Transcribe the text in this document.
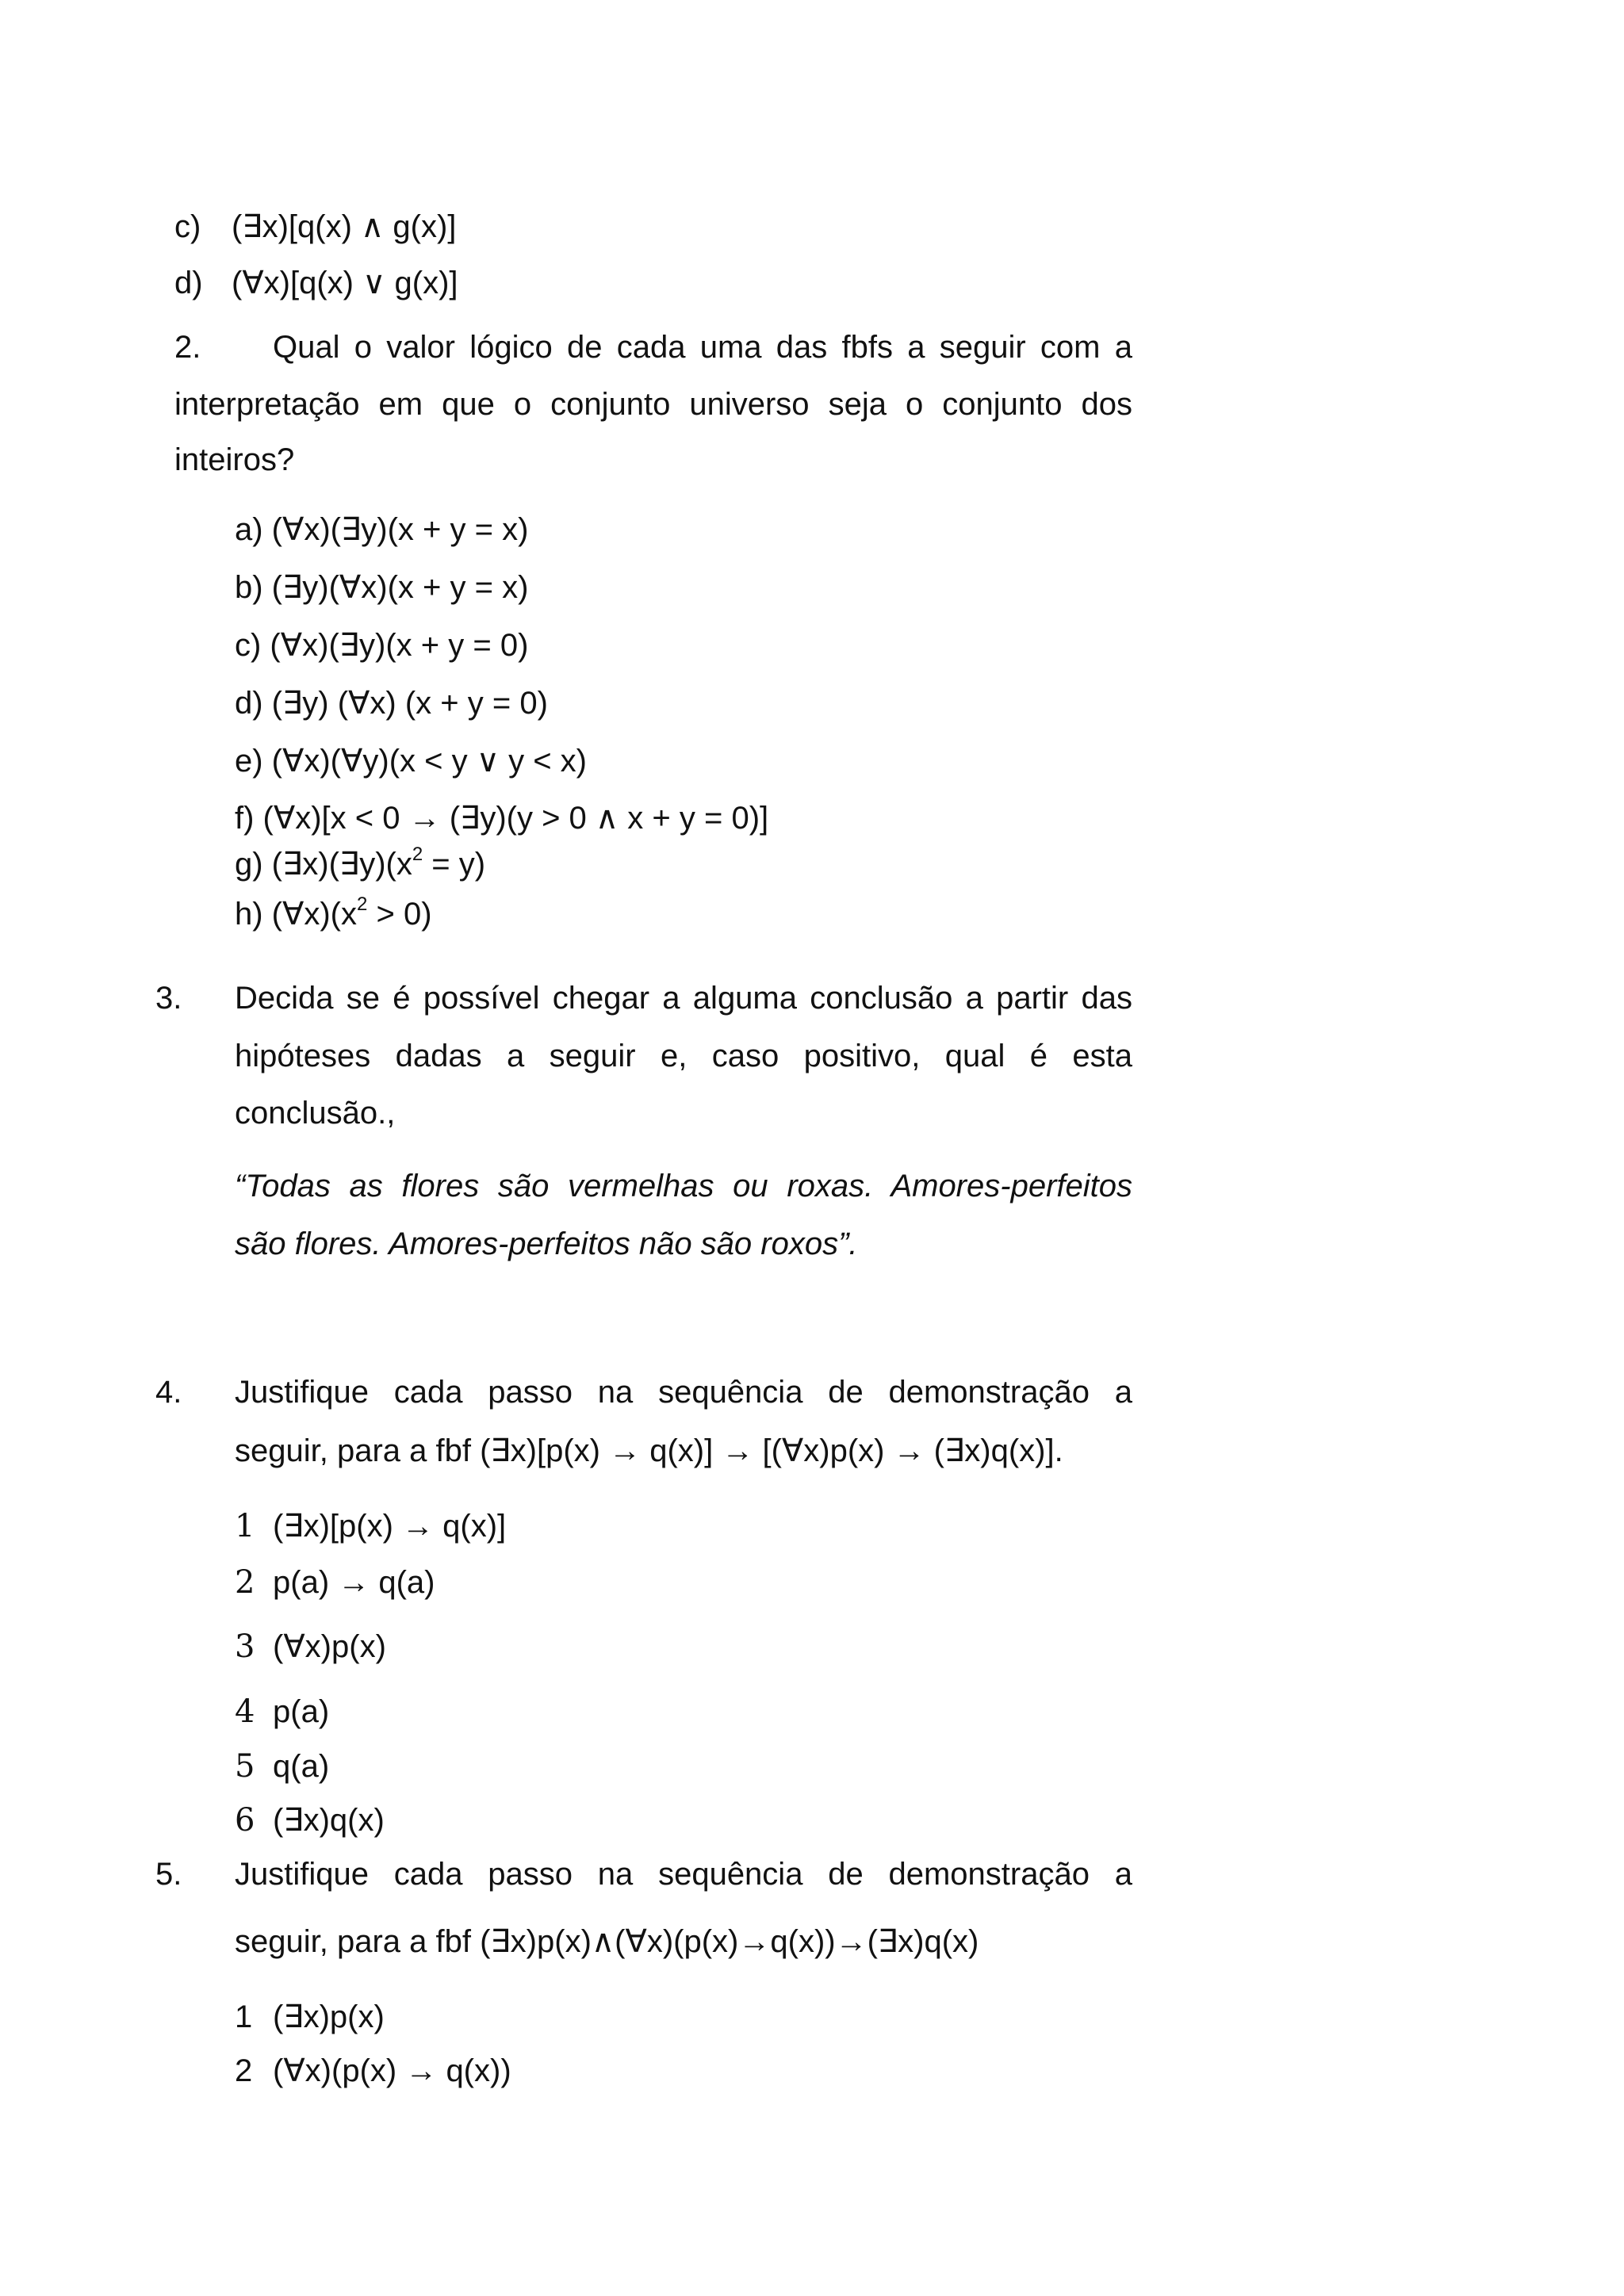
c) (∃x)[q(x) ∧ g(x)]

d) (∀x)[q(x) ∨ g(x)]

2. Qual o valor lógico de cada uma das fbfs a seguir com a

interpretação em que o conjunto universo seja o conjunto dos

inteiros?

a) (∀x)(∃y)(x + y = x)

b) (∃y)(∀x)(x + y = x)

c) (∀x)(∃y)(x + y = 0)

d) (∃y) (∀x) (x + y = 0)

e) (∀x)(∀y)(x < y ∨ y < x)

f) (∀x)[x < 0 → (∃y)(y > 0 ∧ x + y = 0)]

g) $(\exists x)(\exists y)(x^2 = y)$

h) $(\forall x)(x^2 > 0)$

3. Decida se é possível chegar a alguma conclusão a partir das

hipóteses dadas a seguir e, caso positivo, qual é esta

conclusão.,

“Todas as flores são vermelhas ou roxas. Amores-perfeitos

são flores. Amores-perfeitos não são roxos”.

4. Justifique cada passo na sequência de demonstração a

seguir, para a fbf (∃x)[p(x) → q(x)] → [(∀x)p(x) → (∃x)q(x)].

1 (∃x)[p(x) → q(x)]

2 p(a) → q(a)

3 (∀x)p(x)

4 p(a)

5 q(a)

6 (∃x)q(x)

5. Justifique cada passo na sequência de demonstração a

seguir, para a fbf (∃x)p(x)∧(∀x)(p(x)→q(x))→(∃x)q(x)

1 (∃x)p(x)

2 (∀x)(p(x) → q(x))
